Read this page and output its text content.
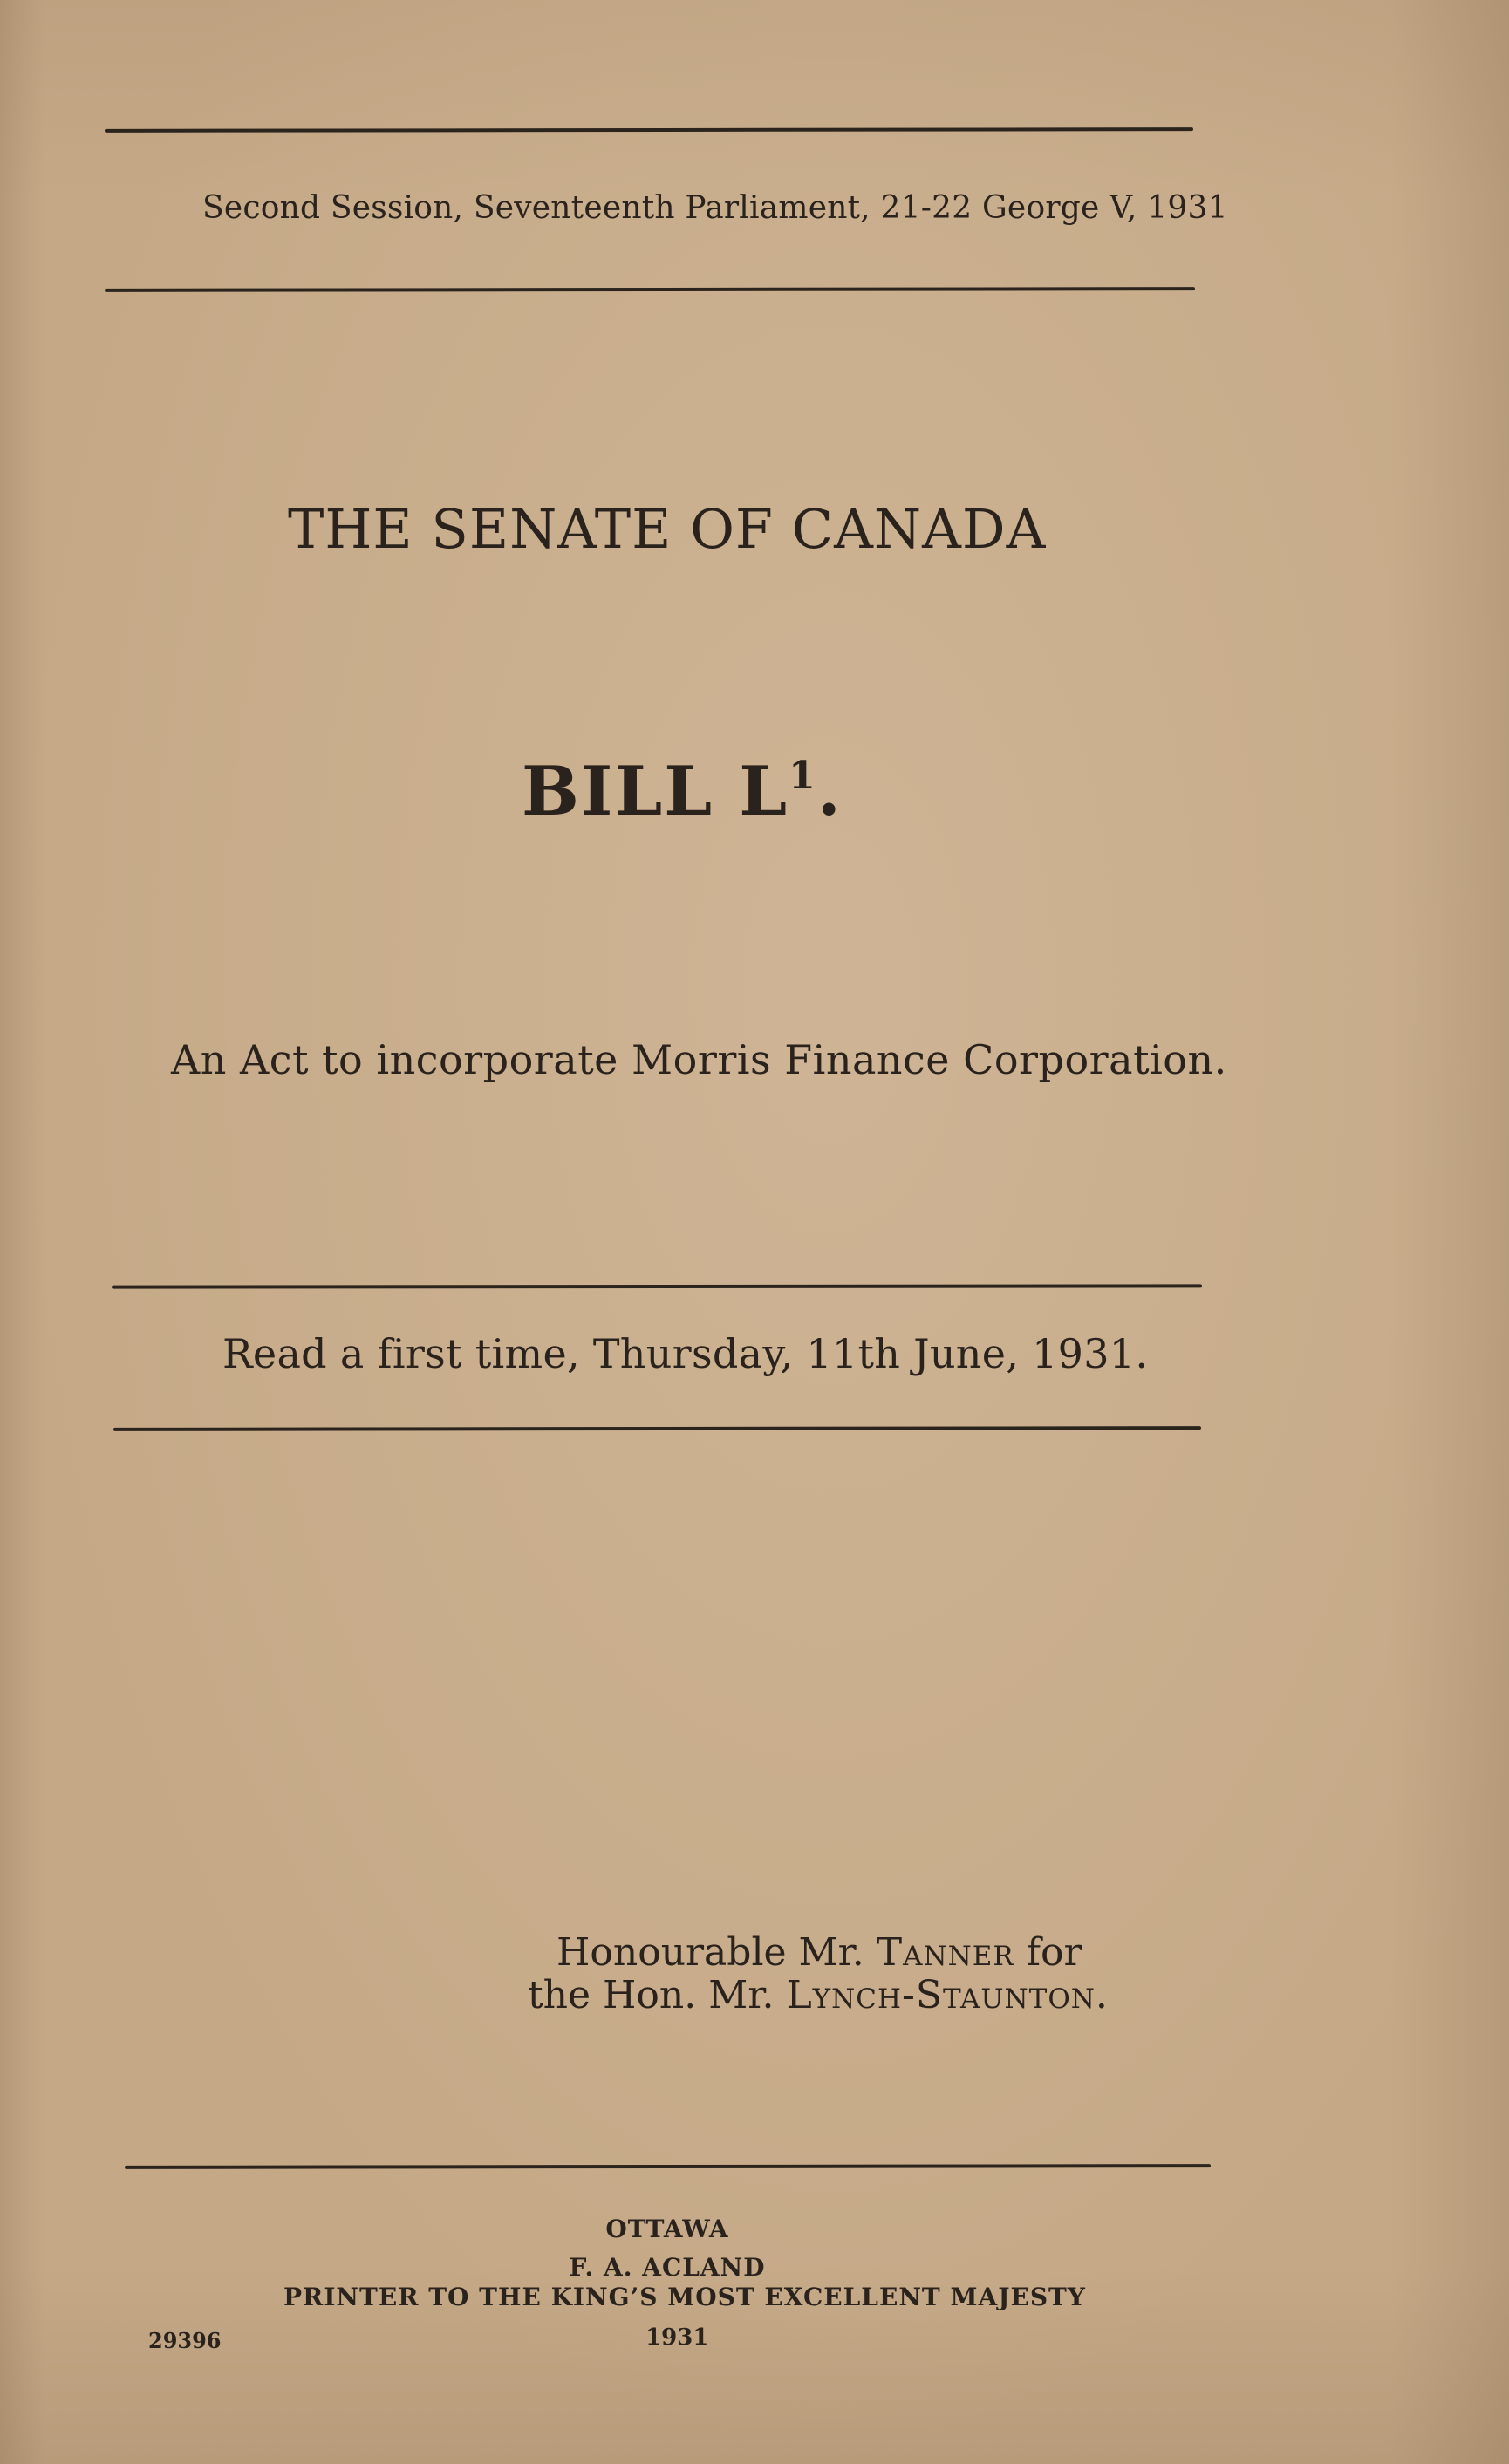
Second Session, Seventeenth Parliament, 21-22 George V, 1931
THE SENATE OF CANADA
BILL $L^1$.
An Act to incorporate Morris Finance Corporation.
Read a first time, Thursday, 11th June, 1931.
Honourable Mr. Tanner for
the Hon. Mr. Lynch-Staunton.
OTTAWA
F. A. ACLAND
PRINTER TO THE KING’S MOST EXCELLENT MAJESTY
1931
29396
